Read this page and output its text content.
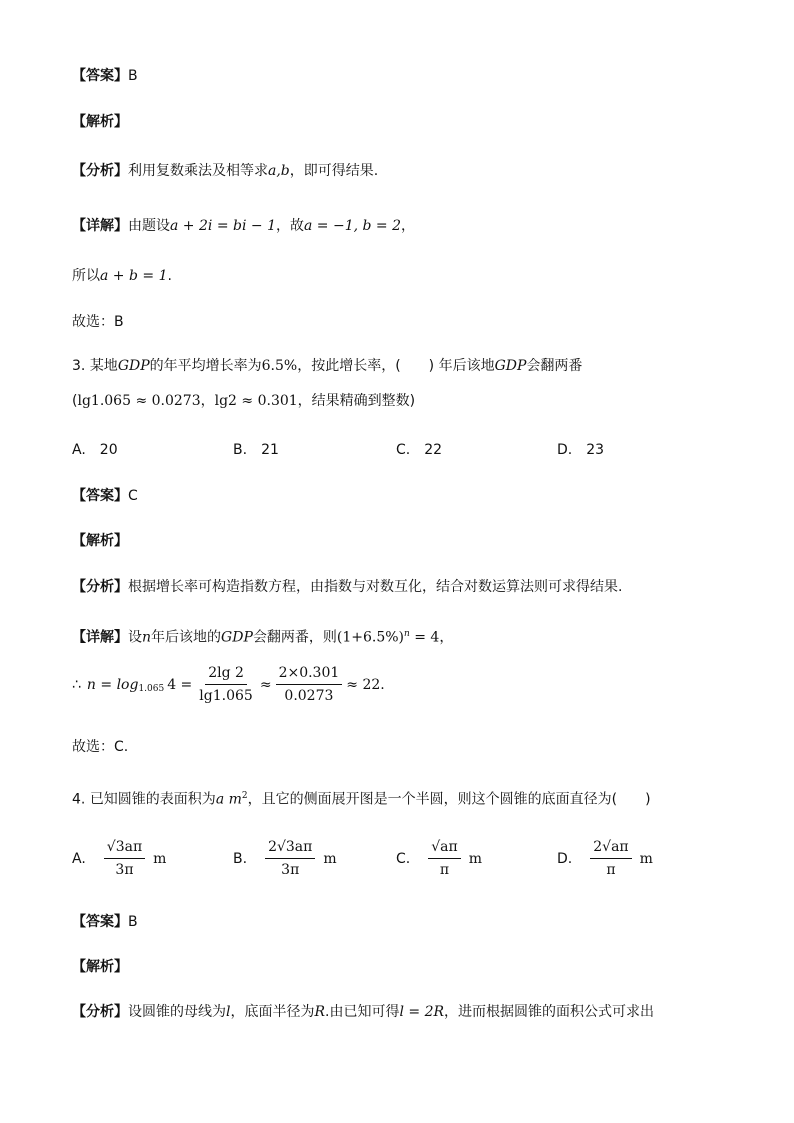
【答案】B
【解析】
【分析】利用复数乘法及相等求a,b，即可得结果.
【详解】由题设a + 2i = bi − 1，故a = −1, b = 2，
所以a + b = 1.
故选：B
3. 某地GDP的年平均增长率为6.5%，按此增长率，(　　) 年后该地GDP会翻两番
(lg1.065 ≈ 0.0273，lg2 ≈ 0.301，结果精确到整数)
A. 20	B. 21	C. 22	D. 23
【答案】C
【解析】
【分析】根据增长率可构造指数方程，由指数与对数互化，结合对数运算法则可求得结果.
【详解】设n年后该地的GDP会翻两番，则$(1+6.5\%)^n = 4$，
∴ $n = \log_{1.065} 4 = \frac{2\lg 2}{\lg 1.065} \approx \frac{2\times 0.301}{0.0273} \approx 22$.
故选：C.
4. 已知圆锥的表面积为a $m^2$，且它的侧面展开图是一个半圆，则这个圆锥的底面直径为(　　)
A. $\frac{√3a\pi}{3\pi}$ m	B. $\frac{2√3a\pi}{3\pi}$ m	C. $\frac{√a\pi}{\pi}$ m	D. $\frac{2√a\pi}{\pi}$ m
【答案】B
【解析】
【分析】设圆锥的母线为l，底面半径为R.由已知可得l = 2R，进而根据圆锥的面积公式可求出
